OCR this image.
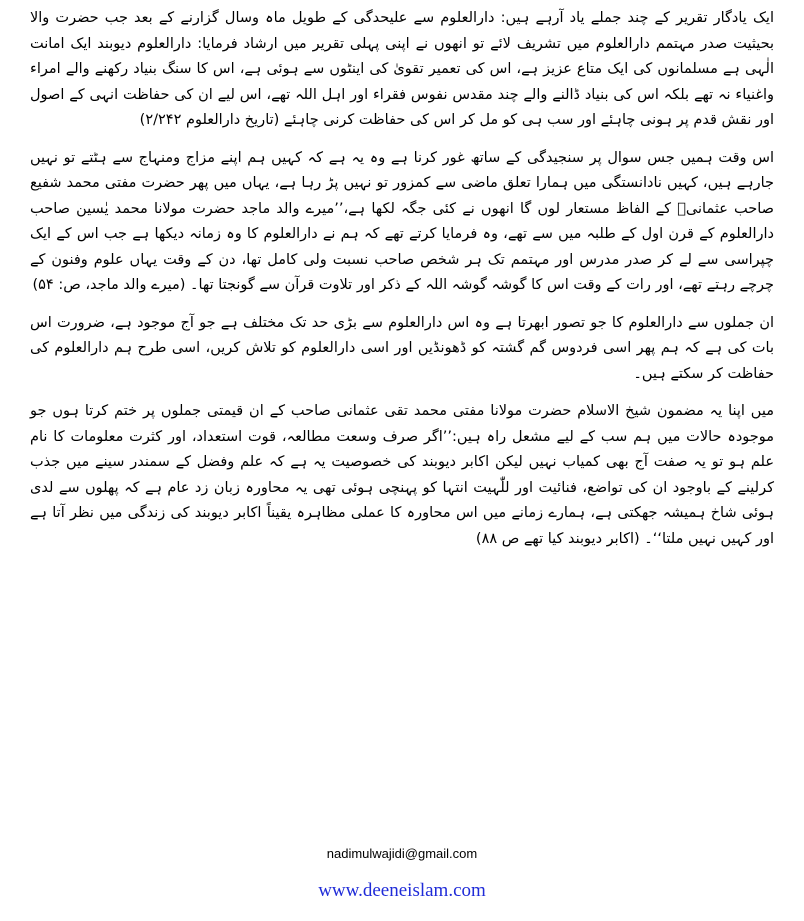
ایک یادگار تقریر کے چند جملے یاد آرہے ہیں: دارالعلوم سے علیحدگی کے طویل ماہ وسال گزارنے کے بعد جب حضرت والا بحیثیت صدر مہتمم دارالعلوم میں تشریف لائے تو انھوں نے اپنی پہلی تقریر میں ارشاد فرمایا: دارالعلوم دیوبند ایک امانت الٰہی ہے مسلمانوں کی ایک متاع عزیز ہے، اس کی تعمیر تقویٰ کی اینٹوں سے ہوئی ہے، اس کا سنگ بنیاد رکھنے والے امراء واغنیاء نہ تھے بلکہ اس کی بنیاد ڈالنے والے چند مقدس نفوس فقراء اور اہل اللہ تھے، اس لیے ان کی حفاظت انہی کے اصول اور نقش قدم پر ہونی چاہئے اور سب ہی کو مل کر اس کی حفاظت کرنی چاہئے (تاریخ دارالعلوم ۲/۲۴۲)

اس وقت ہمیں جس سوال پر سنجیدگی کے ساتھ غور کرنا ہے وہ یہ ہے کہ کہیں ہم اپنے مزاج ومنہاج سے ہٹتے تو نہیں جارہے ہیں، کہیں نادانستگی میں ہمارا تعلق ماضی سے کمزور تو نہیں پڑ رہا ہے، یہاں میں پھر حضرت مفتی محمد شفیع صاحب عثمانیؒ کے الفاظ مستعار لوں گا انھوں نے کئی جگہ لکھا ہے،’’میرے والد ماجد حضرت مولانا محمد یٰسین صاحب دارالعلوم کے قرن اول کے طلبہ میں سے تھے، وہ فرمایا کرتے تھے کہ ہم نے دارالعلوم کا وہ زمانہ دیکھا ہے جب اس کے ایک چپراسی سے لے کر صدر مدرس اور مہتمم تک ہر شخص صاحب نسبت ولی کامل تھا، دن کے وقت یہاں علوم وفنون کے چرچے رہتے تھے، اور رات کے وقت اس کا گوشہ گوشہ اللہ کے ذکر اور تلاوت قرآن سے گونجتا تھا۔ (میرے والد ماجد، ص: ۵۴)

ان جملوں سے دارالعلوم کا جو تصور ابھرتا ہے وہ اس دارالعلوم سے بڑی حد تک مختلف ہے جو آج موجود ہے، ضرورت اس بات کی ہے کہ ہم پھر اسی فردوس گم گشتہ کو ڈھونڈیں اور اسی دارالعلوم کو تلاش کریں، اسی طرح ہم دارالعلوم کی حفاظت کر سکتے ہیں۔

میں اپنا یہ مضمون شیخ الاسلام حضرت مولانا مفتی محمد تقی عثمانی صاحب کے ان قیمتی جملوں پر ختم کرتا ہوں جو موجودہ حالات میں ہم سب کے لیے مشعل راہ ہیں:’’اگر صرف وسعت مطالعہ، قوت استعداد، اور کثرت معلومات کا نام علم ہو تو یہ صفت آج بھی کمیاب نہیں لیکن اکابر دیوبند کی خصوصیت یہ ہے کہ علم وفضل کے سمندر سینے میں جذب کرلینے کے باوجود ان کی تواضع، فنائیت اور للّٰہیت انتہا کو پہنچی ہوئی تھی یہ محاورہ زبان زد عام ہے کہ پھلوں سے لدی ہوئی شاخ ہمیشہ جھکتی ہے، ہمارے زمانے میں اس محاورہ کا عملی مظاہرہ یقیناً اکابر دیوبند کی زندگی میں نظر آتا ہے اور کہیں نہیں ملتا‘‘۔ (اکابر دیوبند کیا تھے ص ۸۸)

nadimulwajidi@gmail.com
www.deeneislam.com
